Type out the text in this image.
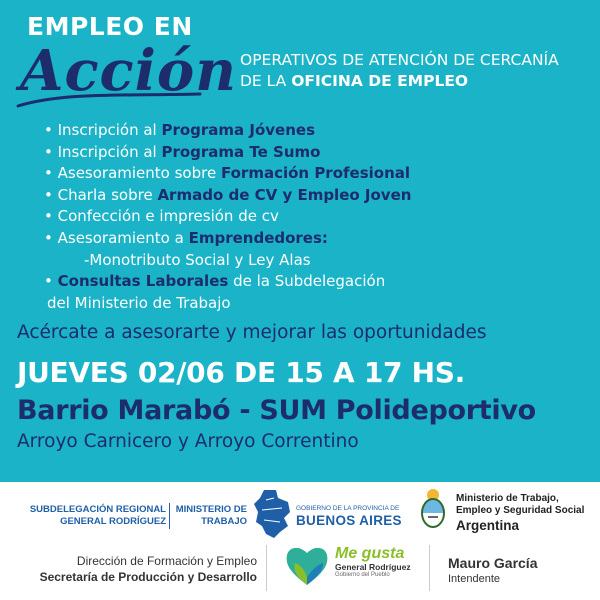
EMPLEO EN
Acción OPERATIVOS DE ATENCIÓN DE CERCANÍA
DE LA OFICINA DE EMPLEO
• Inscripción al Programa Jóvenes
• Inscripción al Programa Te Sumo
• Asesoramiento sobre Formación Profesional
• Charla sobre Armado de CV y Empleo Joven
• Confección e impresión de cv
• Asesoramiento a Emprendedores:
-Monotributo Social y Ley Alas
• Consultas Laborales de la Subdelegación
del Ministerio de Trabajo
Acércate a asesorarte y mejorar las oportunidades
JUEVES 02/06 DE 15 A 17 HS.
Barrio Marabó - SUM Polideportivo
Arroyo Carnicero y Arroyo Correntino
SUBDELEGACIÓN REGIONAL
GENERAL RODRÍGUEZ
MINISTERIO DE
TRABAJO
GOBIERNO DE LA PROVINCIA DE
BUENOS AIRES
Ministerio de Trabajo,
Empleo y Seguridad Social
Argentina
Dirección de Formación y Empleo
Secretaría de Producción y Desarrollo
Me gusta
General Rodríguez
Gobierno del Pueblo
Mauro García
Intendente
